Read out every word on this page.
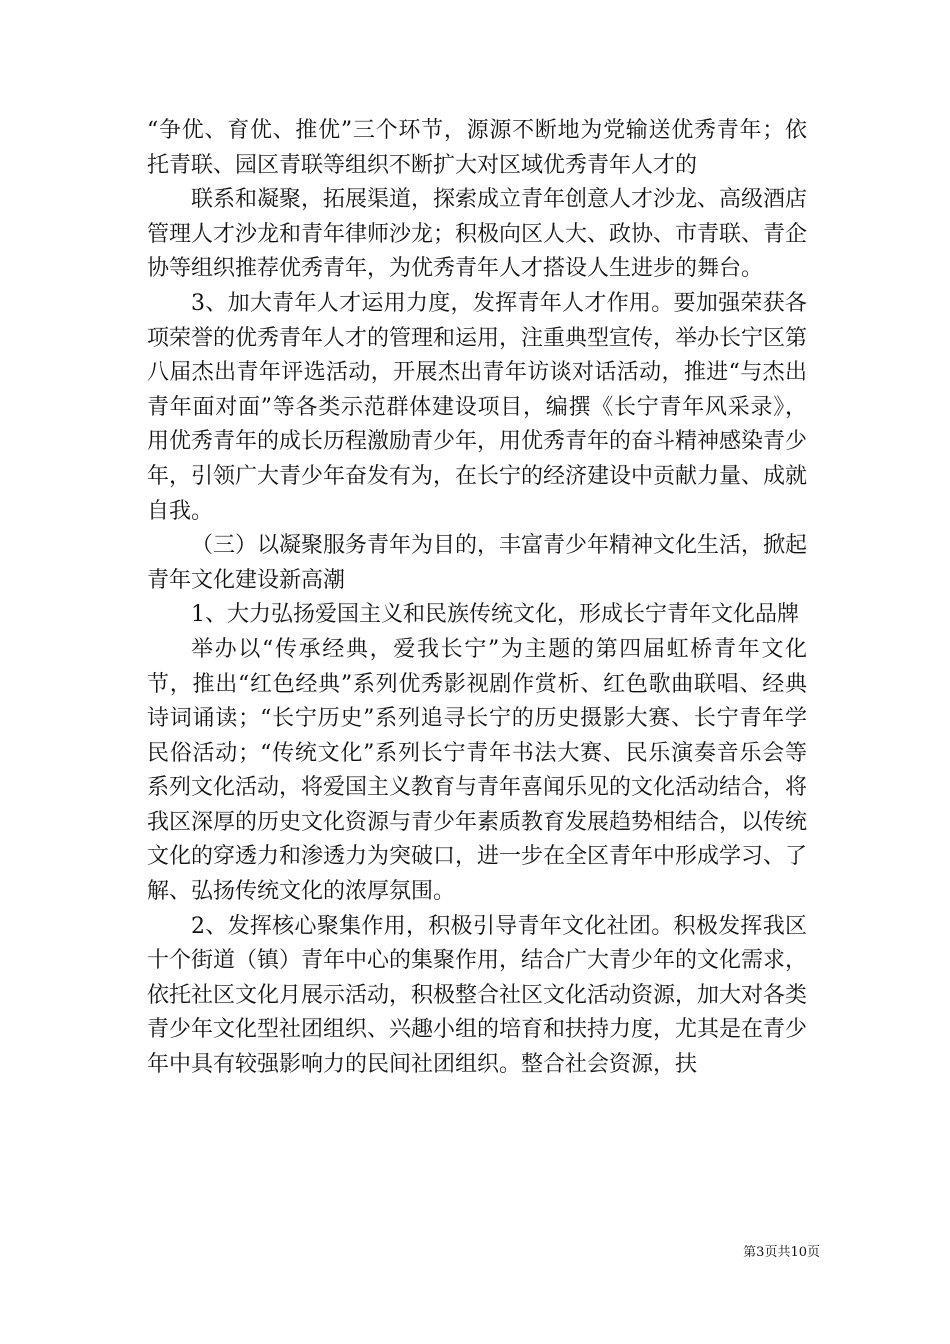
“争优、育优、推优”三个环节，源源不断地为党输送优秀青年；依托青联、园区青联等组织不断扩大对区域优秀青年人才的

联系和凝聚，拓展渠道，探索成立青年创意人才沙龙、高级酒店管理人才沙龙和青年律师沙龙；积极向区人大、政协、市青联、青企协等组织推荐优秀青年，为优秀青年人才搭设人生进步的舞台。

3、加大青年人才运用力度，发挥青年人才作用。要加强荣获各项荣誉的优秀青年人才的管理和运用，注重典型宣传，举办长宁区第八届杰出青年评选活动，开展杰出青年访谈对话活动，推进“与杰出青年面对面”等各类示范群体建设项目，编撰《长宁青年风采录》，用优秀青年的成长历程激励青少年，用优秀青年的奋斗精神感染青少年，引领广大青少年奋发有为，在长宁的经济建设中贡献力量、成就自我。

（三）以凝聚服务青年为目的，丰富青少年精神文化生活，掀起青年文化建设新高潮

1、大力弘扬爱国主义和民族传统文化，形成长宁青年文化品牌

举办以“传承经典，爱我长宁”为主题的第四届虹桥青年文化节，推出“红色经典”系列优秀影视剧作赏析、红色歌曲联唱、经典诗词诵读；“长宁历史”系列追寻长宁的历史摄影大赛、长宁青年学民俗活动；“传统文化”系列长宁青年书法大赛、民乐演奏音乐会等系列文化活动，将爱国主义教育与青年喜闻乐见的文化活动结合，将我区深厚的历史文化资源与青少年素质教育发展趋势相结合，以传统文化的穿透力和渗透力为突破口，进一步在全区青年中形成学习、了解、弘扬传统文化的浓厚氛围。

2、发挥核心聚集作用，积极引导青年文化社团。积极发挥我区十个街道（镇）青年中心的集聚作用，结合广大青少年的文化需求，依托社区文化月展示活动，积极整合社区文化活动资源，加大对各类青少年文化型社团组织、兴趣小组的培育和扶持力度，尤其是在青少年中具有较强影响力的民间社团组织。整合社会资源，扶

第3页共10页
